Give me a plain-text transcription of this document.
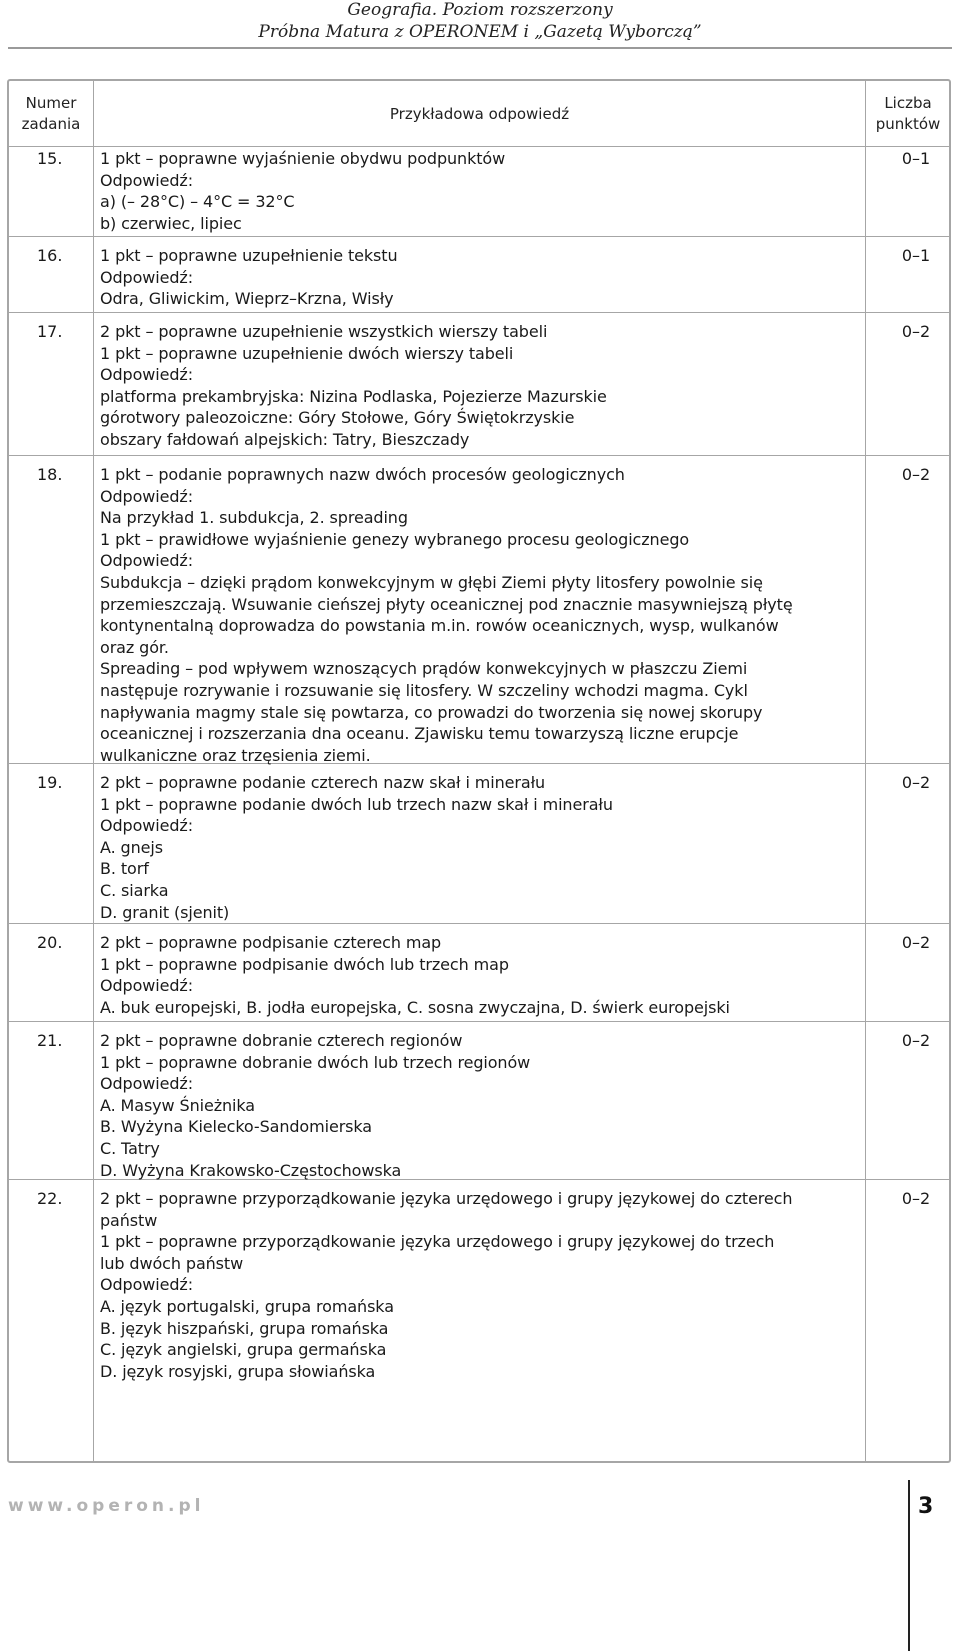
Geografia. Poziom rozszerzony
Próbna Matura z OPERONEM i „Gazetą Wyborczą”
Numer
zadania
Przykładowa odpowiedź
Liczba
punktów
15. 1 pkt – poprawne wyjaśnienie obydwu podpunktów
Odpowiedź:
a) (– 28°C) – 4°C = 32°C
b) czerwiec, lipiec
0–1
16. 1 pkt – poprawne uzupełnienie tekstu
Odpowiedź:
Odra, Gliwickim, Wieprz–Krzna, Wisły
0–1
17. 2 pkt – poprawne uzupełnienie wszystkich wierszy tabeli
1 pkt – poprawne uzupełnienie dwóch wierszy tabeli
Odpowiedź:
platforma prekambryjska: Nizina Podlaska, Pojezierze Mazurskie
górotwory paleozoiczne: Góry Stołowe, Góry Świętokrzyskie
obszary fałdowań alpejskich: Tatry, Bieszczady
0–2
18. 1 pkt – podanie poprawnych nazw dwóch procesów geologicznych
Odpowiedź:
Na przykład 1. subdukcja, 2. spreading
1 pkt – prawidłowe wyjaśnienie genezy wybranego procesu geologicznego
Odpowiedź:
Subdukcja – dzięki prądom konwekcyjnym w głębi Ziemi płyty litosfery powolnie się
przemieszczają. Wsuwanie cieńszej płyty oceanicznej pod znacznie masywniejszą płytę
kontynentalną doprowadza do powstania m.in. rowów oceanicznych, wysp, wulkanów
oraz gór.
Spreading – pod wpływem wznoszących prądów konwekcyjnych w płaszczu Ziemi
następuje rozrywanie i rozsuwanie się litosfery. W szczeliny wchodzi magma. Cykl
napływania magmy stale się powtarza, co prowadzi do tworzenia się nowej skorupy
oceanicznej i rozszerzania dna oceanu. Zjawisku temu towarzyszą liczne erupcje
wulkaniczne oraz trzęsienia ziemi.
0–2
19. 2 pkt – poprawne podanie czterech nazw skał i minerału
1 pkt – poprawne podanie dwóch lub trzech nazw skał i minerału
Odpowiedź:
A. gnejs
B. torf
C. siarka
D. granit (sjenit)
0–2
20. 2 pkt – poprawne podpisanie czterech map
1 pkt – poprawne podpisanie dwóch lub trzech map
Odpowiedź:
A. buk europejski, B. jodła europejska, C. sosna zwyczajna, D. świerk europejski
0–2
21. 2 pkt – poprawne dobranie czterech regionów
1 pkt – poprawne dobranie dwóch lub trzech regionów
Odpowiedź:
A. Masyw Śnieżnika
B. Wyżyna Kielecko-Sandomierska
C. Tatry
D. Wyżyna Krakowsko-Częstochowska
0–2
22. 2 pkt – poprawne przyporządkowanie języka urzędowego i grupy językowej do czterech
państw
1 pkt – poprawne przyporządkowanie języka urzędowego i grupy językowej do trzech
lub dwóch państw
Odpowiedź:
A. język portugalski, grupa romańska
B. język hiszpański, grupa romańska
C. język angielski, grupa germańska
D. język rosyjski, grupa słowiańska
0–2
www.operon.pl	3
